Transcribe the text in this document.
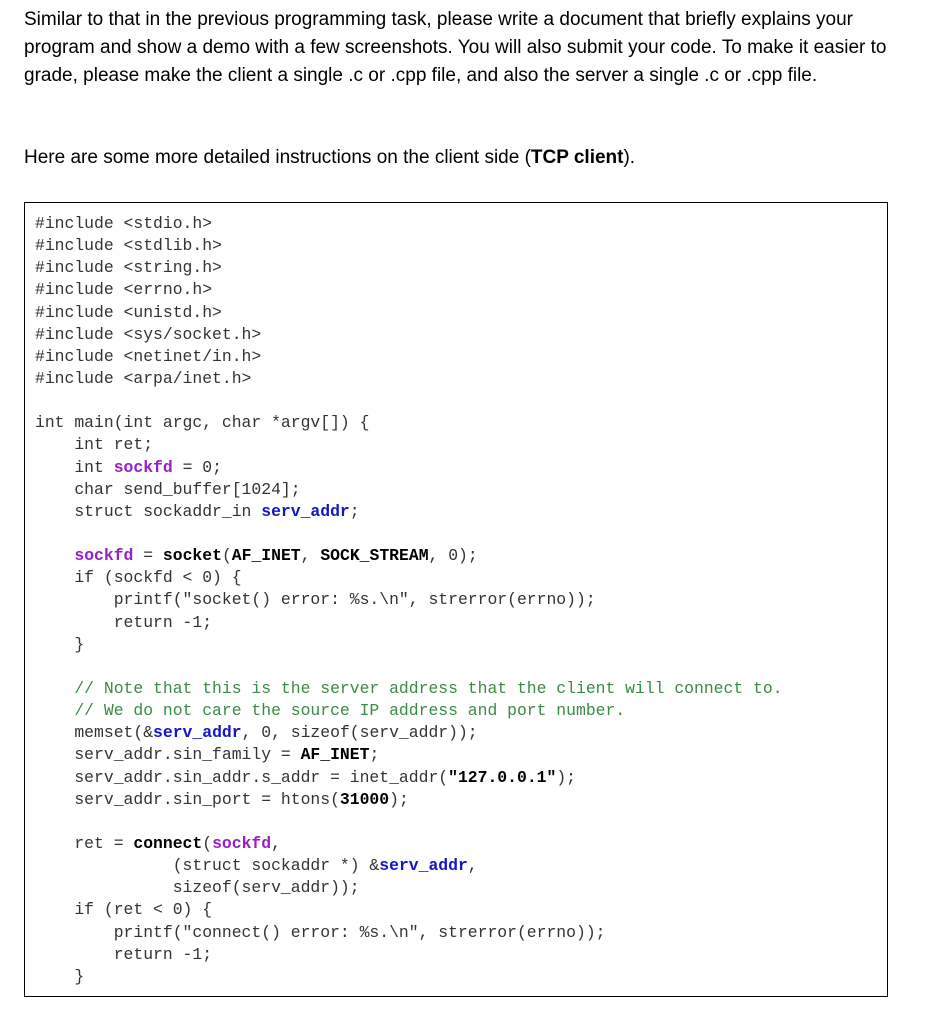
Similar to that in the previous programming task, please write a document that briefly explains your program and show a demo with a few screenshots. You will also submit your code. To make it easier to grade, please make the client a single .c or .cpp file, and also the server a single .c or .cpp file.
Here are some more detailed instructions on the client side (TCP client).
#include <stdio.h>
#include <stdlib.h>
#include <string.h>
#include <errno.h>
#include <unistd.h>
#include <sys/socket.h>
#include <netinet/in.h>
#include <arpa/inet.h>
int main(int argc, char *argv[]) {
int ret;
int sockfd = 0;
char send_buffer[1024];
struct sockaddr_in serv_addr;
sockfd = socket(AF_INET, SOCK_STREAM, 0);
if (sockfd < 0) {
printf("socket() error: %s.\n", strerror(errno));
return -1;
}
// Note that this is the server address that the client will connect to.
// We do not care the source IP address and port number.
memset(&serv_addr, 0, sizeof(serv_addr));
serv_addr.sin_family = AF_INET;
serv_addr.sin_addr.s_addr = inet_addr("127.0.0.1");
serv_addr.sin_port = htons(31000);
ret = connect(sockfd,
(struct sockaddr *) &serv_addr,
sizeof(serv_addr));
if (ret < 0) {
printf("connect() error: %s.\n", strerror(errno));
return -1;
}
